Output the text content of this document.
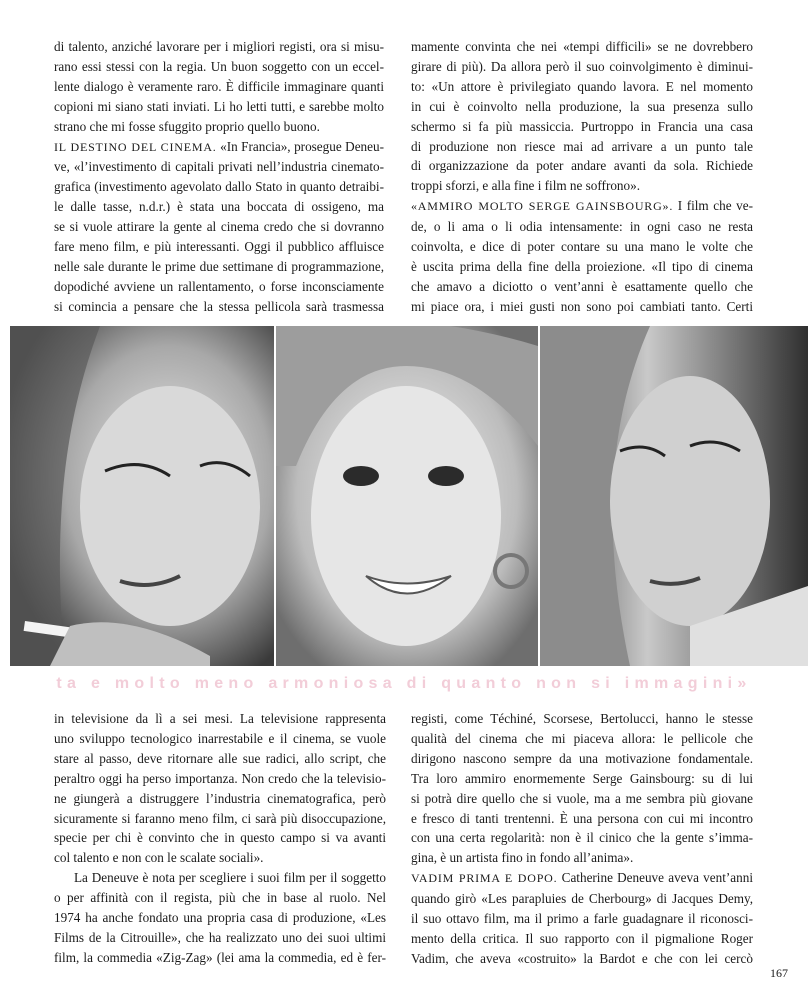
di talento, anziché lavorare per i migliori registi, ora si misu-

rano essi stessi con la regia. Un buon soggetto con un eccel-

lente dialogo è veramente raro. È difficile immaginare quanti

copioni mi siano stati inviati. Li ho letti tutti, e sarebbe molto

strano che mi fosse sfuggito proprio quello buono.

IL DESTINO DEL CINEMA. «In Francia», prosegue Deneu-

ve, «l’investimento di capitali privati nell’industria cinemato-

grafica (investimento agevolato dallo Stato in quanto detraibi-

le dalle tasse, n.d.r.) è stata una boccata di ossigeno, ma

se si vuole attirare la gente al cinema credo che si dovranno

fare meno film, e più interessanti. Oggi il pubblico affluisce

nelle sale durante le prime due settimane di programmazione,

dopodiché avviene un rallentamento, o forse inconsciamente

si comincia a pensare che la stessa pellicola sarà trasmessa

mamente convinta che nei «tempi difficili» se ne dovrebbero

girare di più). Da allora però il suo coinvolgimento è diminui-

to: «Un attore è privilegiato quando lavora. E nel momento

in cui è coinvolto nella produzione, la sua presenza sullo

schermo si fa più massiccia. Purtroppo in Francia una casa

di produzione non riesce mai ad arrivare a un punto tale

di organizzazione da poter andare avanti da sola. Richiede

troppi sforzi, e alla fine i film ne soffrono».

«AMMIRO MOLTO SERGE GAINSBOURG». I film che ve-

de, o li ama o li odia intensamente: in ogni caso ne resta

coinvolta, e dice di poter contare su una mano le volte che

è uscita prima della fine della proiezione. «Il tipo di cinema

che amavo a diciotto o vent’anni è esattamente quello che

mi piace ora, i miei gusti non sono poi cambiati tanto. Certi

ta e molto meno armoniosa di quanto non si immagini»

in televisione da lì a sei mesi. La televisione rappresenta

uno sviluppo tecnologico inarrestabile e il cinema, se vuole

stare al passo, deve ritornare alle sue radici, allo script, che

peraltro oggi ha perso importanza. Non credo che la televisio-

ne giungerà a distruggere l’industria cinematografica, però

sicuramente si faranno meno film, ci sarà più disoccupazione,

specie per chi è convinto che in questo campo si va avanti

col talento e non con le scalate sociali».

La Deneuve è nota per scegliere i suoi film per il soggetto

o per affinità con il regista, più che in base al ruolo. Nel

1974 ha anche fondato una propria casa di produzione, «Les

Films de la Citrouille», che ha realizzato uno dei suoi ultimi

film, la commedia «Zig-Zag» (lei ama la commedia, ed è fer-

registi, come Téchiné, Scorsese, Bertolucci, hanno le stesse

qualità del cinema che mi piaceva allora: le pellicole che

dirigono nascono sempre da una motivazione fondamentale.

Tra loro ammiro enormemente Serge Gainsbourg: su di lui

si potrà dire quello che si vuole, ma a me sembra più giovane

e fresco di tanti trentenni. È una persona con cui mi incontro

con una certa regolarità: non è il cinico che la gente s’imma-

gina, è un artista fino in fondo all’anima».

VADIM PRIMA E DOPO. Catherine Deneuve aveva vent’anni

quando girò «Les parapluies de Cherbourg» di Jacques Demy,

il suo ottavo film, ma il primo a farle guadagnare il riconosci-

mento della critica. Il suo rapporto con il pigmalione Roger

Vadim, che aveva «costruito» la Bardot e che con lei cercò

167
